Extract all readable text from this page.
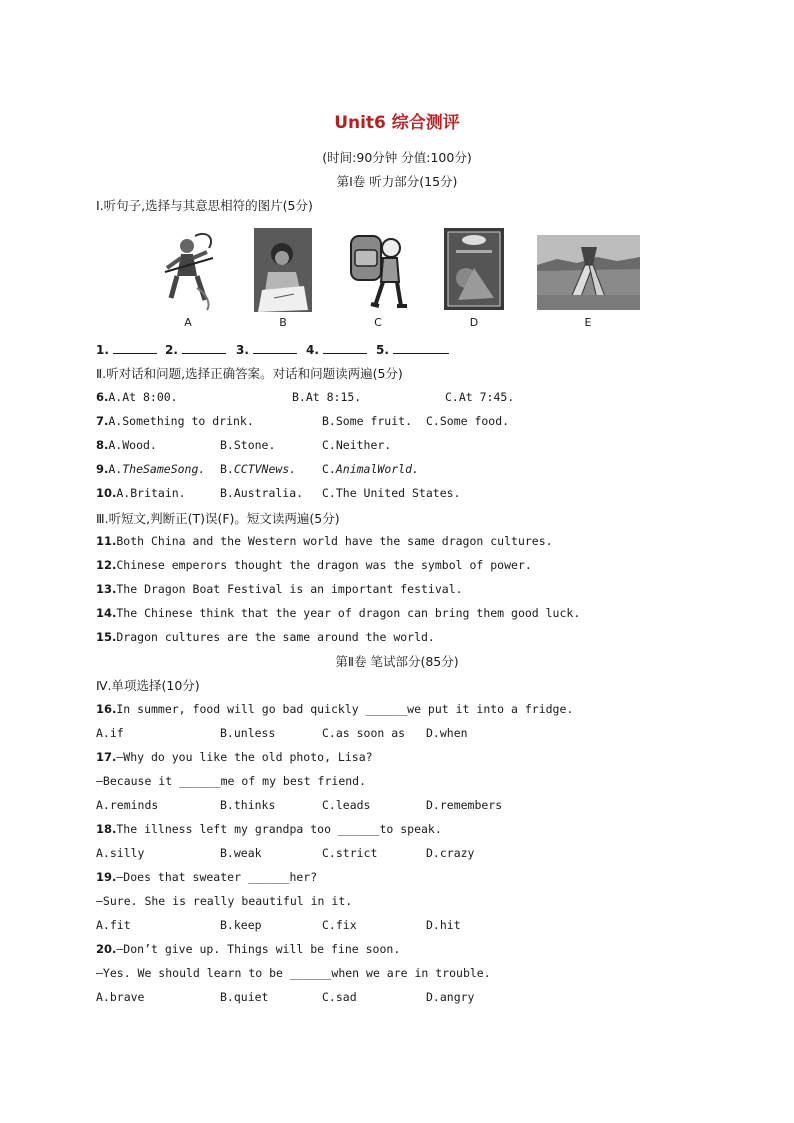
Unit6 综合测评
(时间:90分钟 分值:100分)
第Ⅰ卷 听力部分(15分)
Ⅰ.听句子,选择与其意思相符的图片(5分)
A	B	C	D	E
1.	2.	3.	4.	5.
Ⅱ.听对话和问题,选择正确答案。对话和问题读两遍(5分)
6.A.At 8:00.	B.At 8:15.	C.At 7:45.
7.A.Something to drink.	B.Some fruit. C.Some food.
8.A.Wood.	B.Stone.	C.Neither.
9.A.TheSameSong. B.CCTVNews. C.AnimalWorld.
10.A.Britain.	B.Australia. C.The United States.
Ⅲ.听短文,判断正(T)误(F)。短文读两遍(5分)
11.Both China and the Western world have the same dragon cultures.
12.Chinese emperors thought the dragon was the symbol of power.
13.The Dragon Boat Festival is an important festival.
14.The Chinese think that the year of dragon can bring them good luck.
15.Dragon cultures are the same around the world.
第Ⅱ卷 笔试部分(85分)
Ⅳ.单项选择(10分)
16.In summer, food will go bad quickly ______we put it into a fridge.
A.if	B.unless	C.as soon as D.when
17.—Why do you like the old photo, Lisa?
—Because it ______me of my best friend.
A.reminds	B.thinks	C.leads	D.remembers
18.The illness left my grandpa too ______to speak.
A.silly	B.weak	C.strict	D.crazy
19.—Does that sweater ______her?
—Sure. She is really beautiful in it.
A.fit	B.keep	C.fix	D.hit
20.—Don’t give up. Things will be fine soon.
—Yes. We should learn to be ______when we are in trouble.
A.brave	B.quiet	C.sad	D.angry
